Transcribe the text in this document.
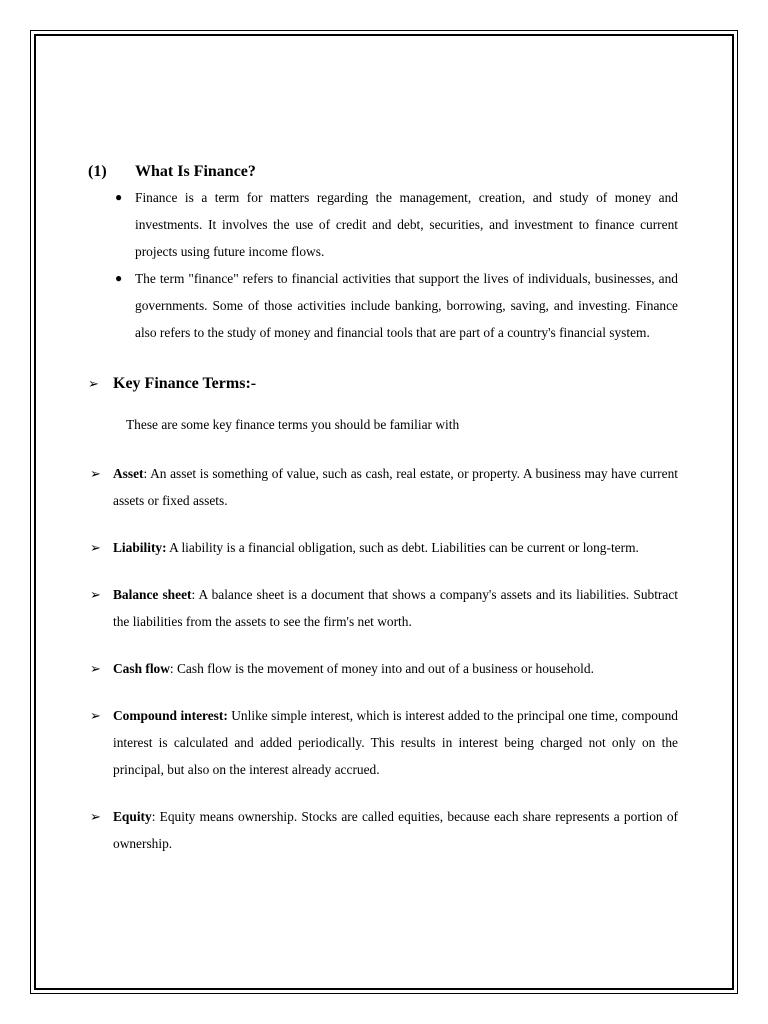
(1)	What Is Finance?
● Finance is a term for matters regarding the management, creation, and study of money and investments. It involves the use of credit and debt, securities, and investment to finance current projects using future income flows.
● The term "finance" refers to financial activities that support the lives of individuals, businesses, and governments. Some of those activities include banking, borrowing, saving, and investing. Finance also refers to the study of money and financial tools that are part of a country's financial system.
➢ Key Finance Terms:-

These are some key finance terms you should be familiar with

➢ Asset: An asset is something of value, such as cash, real estate, or property. A business may have current assets or fixed assets.
➢ Liability: A liability is a financial obligation, such as debt. Liabilities can be current or long-term.
➢ Balance sheet: A balance sheet is a document that shows a company's assets and its liabilities. Subtract the liabilities from the assets to see the firm's net worth.
➢ Cash flow: Cash flow is the movement of money into and out of a business or household.
➢ Compound interest: Unlike simple interest, which is interest added to the principal one time, compound interest is calculated and added periodically. This results in interest being charged not only on the principal, but also on the interest already accrued.
➢ Equity: Equity means ownership. Stocks are called equities, because each share represents a portion of ownership.
